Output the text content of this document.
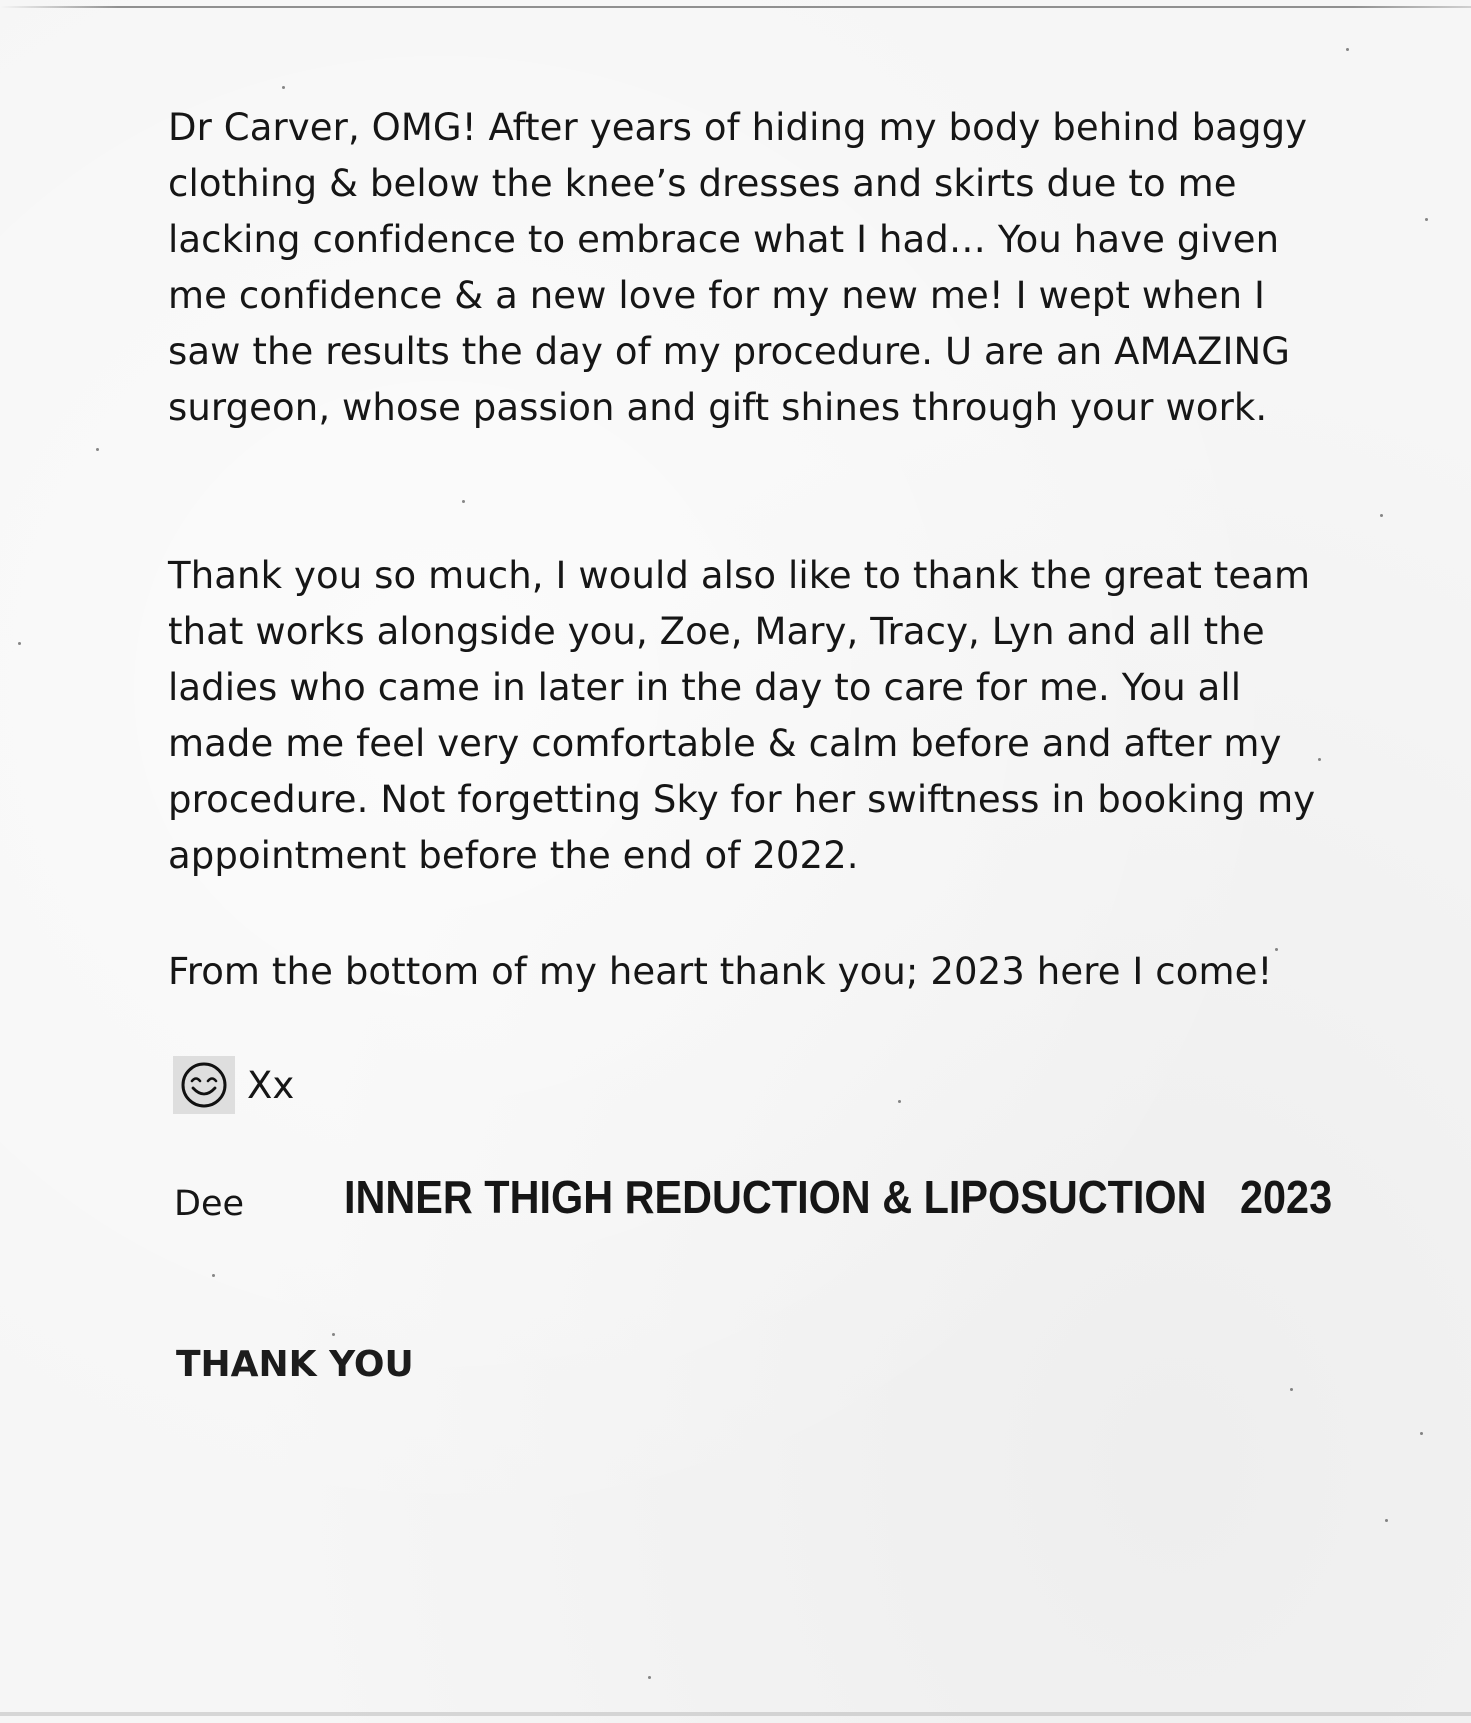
Dr Carver, OMG! After years of hiding my body behind baggy clothing & below the knee’s dresses and skirts due to me lacking confidence to embrace what I had… You have given me confidence & a new love for my new me! I wept when I saw the results the day of my procedure. U are an AMAZING surgeon, whose passion and gift shines through your work.

Thank you so much, I would also like to thank the great team that works alongside you, Zoe, Mary, Tracy, Lyn and all the ladies who came in later in the day to care for me. You all made me feel very comfortable & calm before and after my procedure. Not forgetting Sky for her swiftness in booking my appointment before the end of 2022.

From the bottom of my heart thank you; 2023 here I come!

Xx
Dee INNER THIGH REDUCTION & LIPOSUCTION 2023
THANK YOU
